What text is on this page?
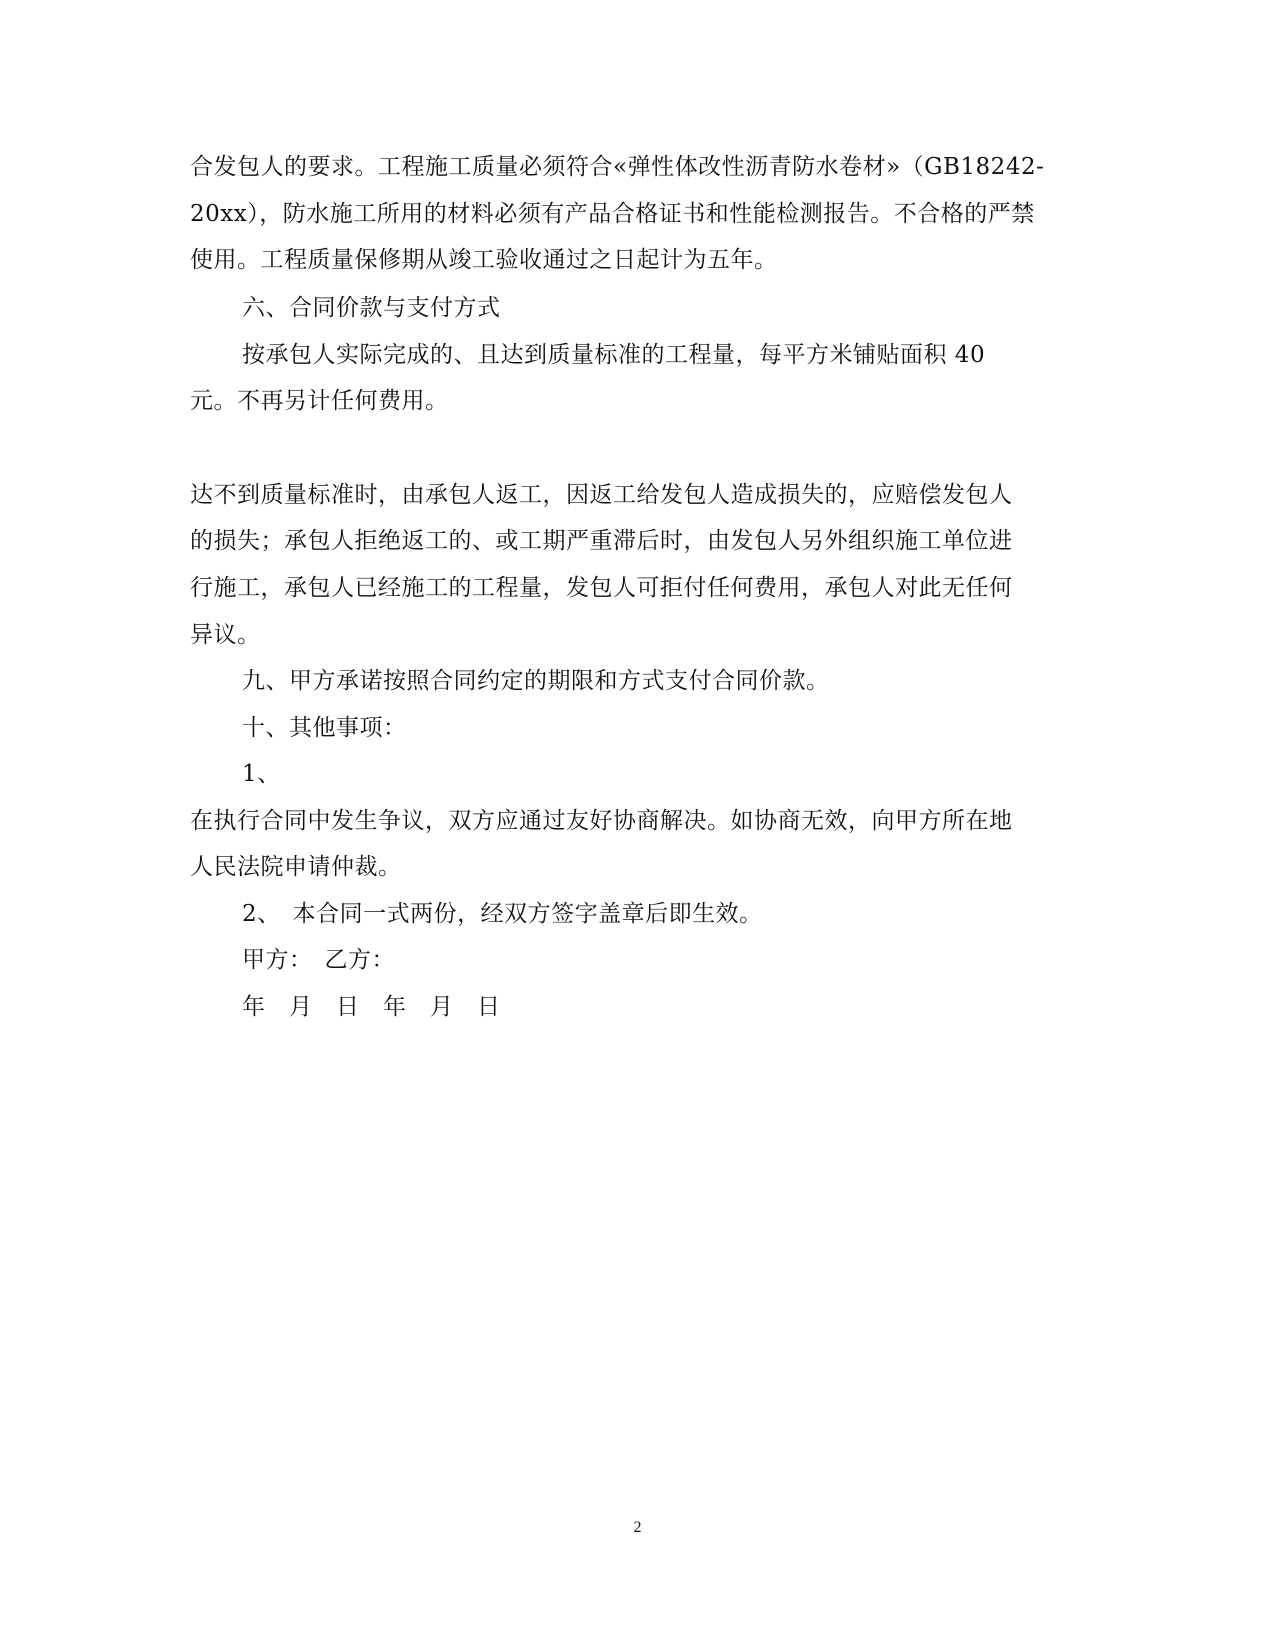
合发包人的要求。工程施工质量必须符合«弹性体改性沥青防水卷材»（GB18242-
20xx），防水施工所用的材料必须有产品合格证书和性能检测报告。不合格的严禁
使用。工程质量保修期从竣工验收通过之日起计为五年。
六、合同价款与支付方式
按承包人实际完成的、且达到质量标准的工程量，每平方米铺贴面积 40
元。不再另计任何费用。
达不到质量标准时，由承包人返工，因返工给发包人造成损失的，应赔偿发包人
的损失；承包人拒绝返工的、或工期严重滞后时，由发包人另外组织施工单位进
行施工，承包人已经施工的工程量，发包人可拒付任何费用，承包人对此无任何
异议。
九、甲方承诺按照合同约定的期限和方式支付合同价款。
十、其他事项：
1、
在执行合同中发生争议，双方应通过友好协商解决。如协商无效，向甲方所在地
人民法院申请仲裁。
2、　本合同一式两份，经双方签字盖章后即生效。
甲方：　乙方：
年　月　日　年　月　日
2
